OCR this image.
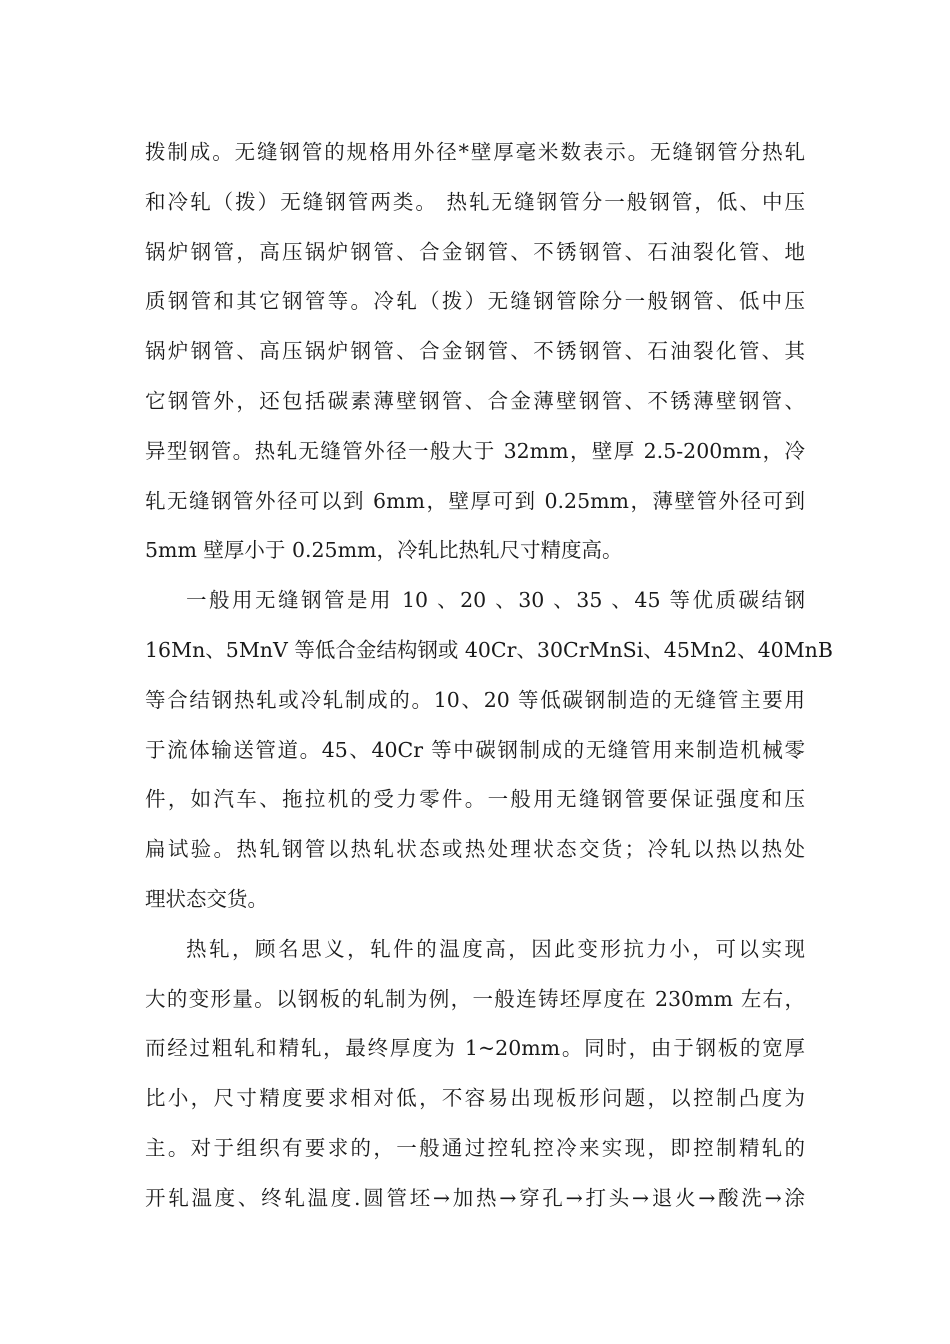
拨制成。无缝钢管的规格用外径*壁厚毫米数表示。无缝钢管分热轧
和冷轧（拨）无缝钢管两类。 热轧无缝钢管分一般钢管，低、中压
锅炉钢管，高压锅炉钢管、合金钢管、不锈钢管、石油裂化管、地
质钢管和其它钢管等。冷轧（拨）无缝钢管除分一般钢管、低中压
锅炉钢管、高压锅炉钢管、合金钢管、不锈钢管、石油裂化管、其
它钢管外，还包括碳素薄壁钢管、合金薄壁钢管、不锈薄壁钢管、
异型钢管。热轧无缝管外径一般大于 32mm，壁厚 2.5-200mm，冷
轧无缝钢管外径可以到 6mm，壁厚可到 0.25mm，薄壁管外径可到
5mm 壁厚小于 0.25mm，冷轧比热轧尺寸精度高。
一般用无缝钢管是用 10 、20 、30 、35 、45 等优质碳结钢
16Mn、5MnV 等低合金结构钢或 40Cr、30CrMnSi、45Mn2、40MnB
等合结钢热轧或冷轧制成的。10、20 等低碳钢制造的无缝管主要用
于流体输送管道。45、40Cr 等中碳钢制成的无缝管用来制造机械零
件，如汽车、拖拉机的受力零件。一般用无缝钢管要保证强度和压
扁试验。热轧钢管以热轧状态或热处理状态交货；冷轧以热以热处
理状态交货。
热轧，顾名思义，轧件的温度高，因此变形抗力小，可以实现
大的变形量。以钢板的轧制为例，一般连铸坯厚度在 230mm 左右，
而经过粗轧和精轧，最终厚度为 1~20mm。同时，由于钢板的宽厚
比小，尺寸精度要求相对低，不容易出现板形问题，以控制凸度为
主。对于组织有要求的，一般通过控轧控冷来实现，即控制精轧的
开轧温度、终轧温度.圆管坯→加热→穿孔→打头→退火→酸洗→涂
